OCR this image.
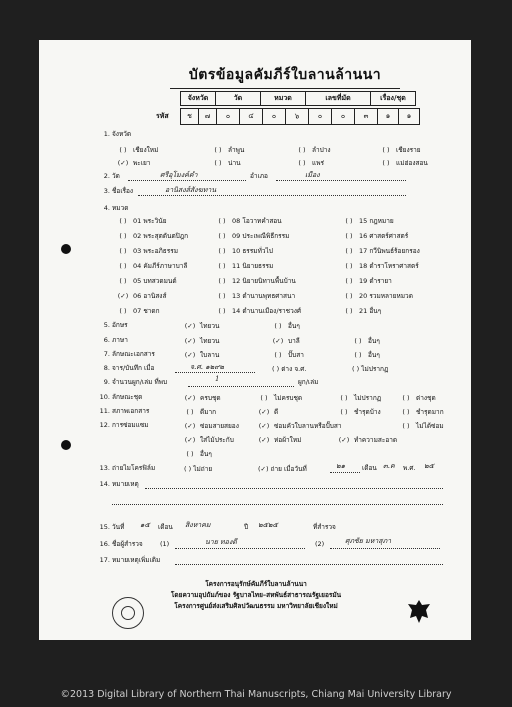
บัตรข้อมูลคัมภีร์ใบลานล้านนา
รหัส
จังหวัด	วัด	หมวด	เลขที่มัด	เรื่อง/ชุด
ช	๗	๐	๔	๐	๖	๐	๐	๓	๑	๑
1. จังหวัด
( ) เชียงใหม่	( ) ลำพูน	( ) ลำปาง	( ) เชียงราย
(✓) พะเยา	( ) น่าน	( ) แพร่	( ) แม่ฮ่องสอน
2. วัด	ศรีอุโมงค์คำ	อำเภอ	เมือง
3. ชื่อเรื่อง	อานิสงส์สังฆทาน
4. หมวด
( ) 01 พระวินัย	( ) 08 โอวาทคำสอน	( ) 15 กฎหมาย
( ) 02 พระสุตตันตปิฎก	( ) 09 ประเพณีพิธีกรรม	( ) 16 ศาสตร์ศาสตร์
( ) 03 พระอภิธรรม	( ) 10 ธรรมทั่วไป	( ) 17 กวีนิพนธ์ร้อยกรอง
( ) 04 คัมภีร์ภาษาบาลี	( ) 11 นิยายธรรม	( ) 18 ตำราโหราศาสตร์
( ) 05 บทสวดมนต์	( ) 12 นิยายนิทานพื้นบ้าน	( ) 19 ตำรายา
(✓) 06 อานิสงส์	( ) 13 ตำนานพุทธศาสนา	( ) 20 รวมหลายหมวด
( ) 07 ชาดก	( ) 14 ตำนานเมือง/ราชวงศ์	( ) 21 อื่นๆ
5. อักษร	(✓) ไทยวน	( ) อื่นๆ
6. ภาษา	(✓) ไทยวน	(✓) บาลี	( ) อื่นๆ
7. ลักษณะเอกสาร	(✓) ใบลาน	( ) ปั๊บสา	( ) อื่นๆ
8. จาร/บันทึก เมื่อ	จ.ศ. ๑๒๙๒	( ) ต่าง จ.ศ.	( ) ไม่ปรากฏ
9. จำนวนผูก/เล่ม ที่พบ	1	ผูก/เล่ม
10. ลักษณะชุด
11. สภาพเอกสาร
12. การซ่อมแซม
(✓) ครบชุด	( ) ไม่ครบชุด	( ) ไม่ปรากฏ	( ) ต่างชุด
( ) ดีมาก	(✓) ดี	( ) ชำรุดบ้าง	( ) ชำรุดมาก
(✓) ซ่อมสายสยอง	(✓) ซ่อมคัวใบลานหรือปั๊บสา	( ) ไม่ได้ซ่อม
(✓) ใส่ไม้ประกับ	(✓) ห่อผ้าใหม่	(✓) ทำความสะอาด
( ) อื่นๆ
13. ถ่ายไมโครฟิล์ม	( ) ไม่ถ่าย	(✓) ถ่าย เมื่อวันที่	๒๑	เดือน ๓.ค พ.ศ. ๒๕
14. หมายเหตุ
15. วันที่ ๑๕ เดือน สิงหาคม	ปี ๒๕๒๕	ที่สำรวจ
16. ชื่อผู้สำรวจ	(1)	นาย ทองดี	(2)	ศุภชัย มหาสุภา
17. หมายเหตุเพิ่มเติม
โครงการอนุรักษ์คัมภีร์ใบลานล้านนา
โดยความอุปถัมภ์ของ รัฐบาลไทย–สหพันธ์สาธารณรัฐเยอรมัน
โครงการศูนย์ส่งเสริมศิลปวัฒนธรรม มหาวิทยาลัยเชียงใหม่
©2013 Digital Library of Northern Thai Manuscripts, Chiang Mai University Library
